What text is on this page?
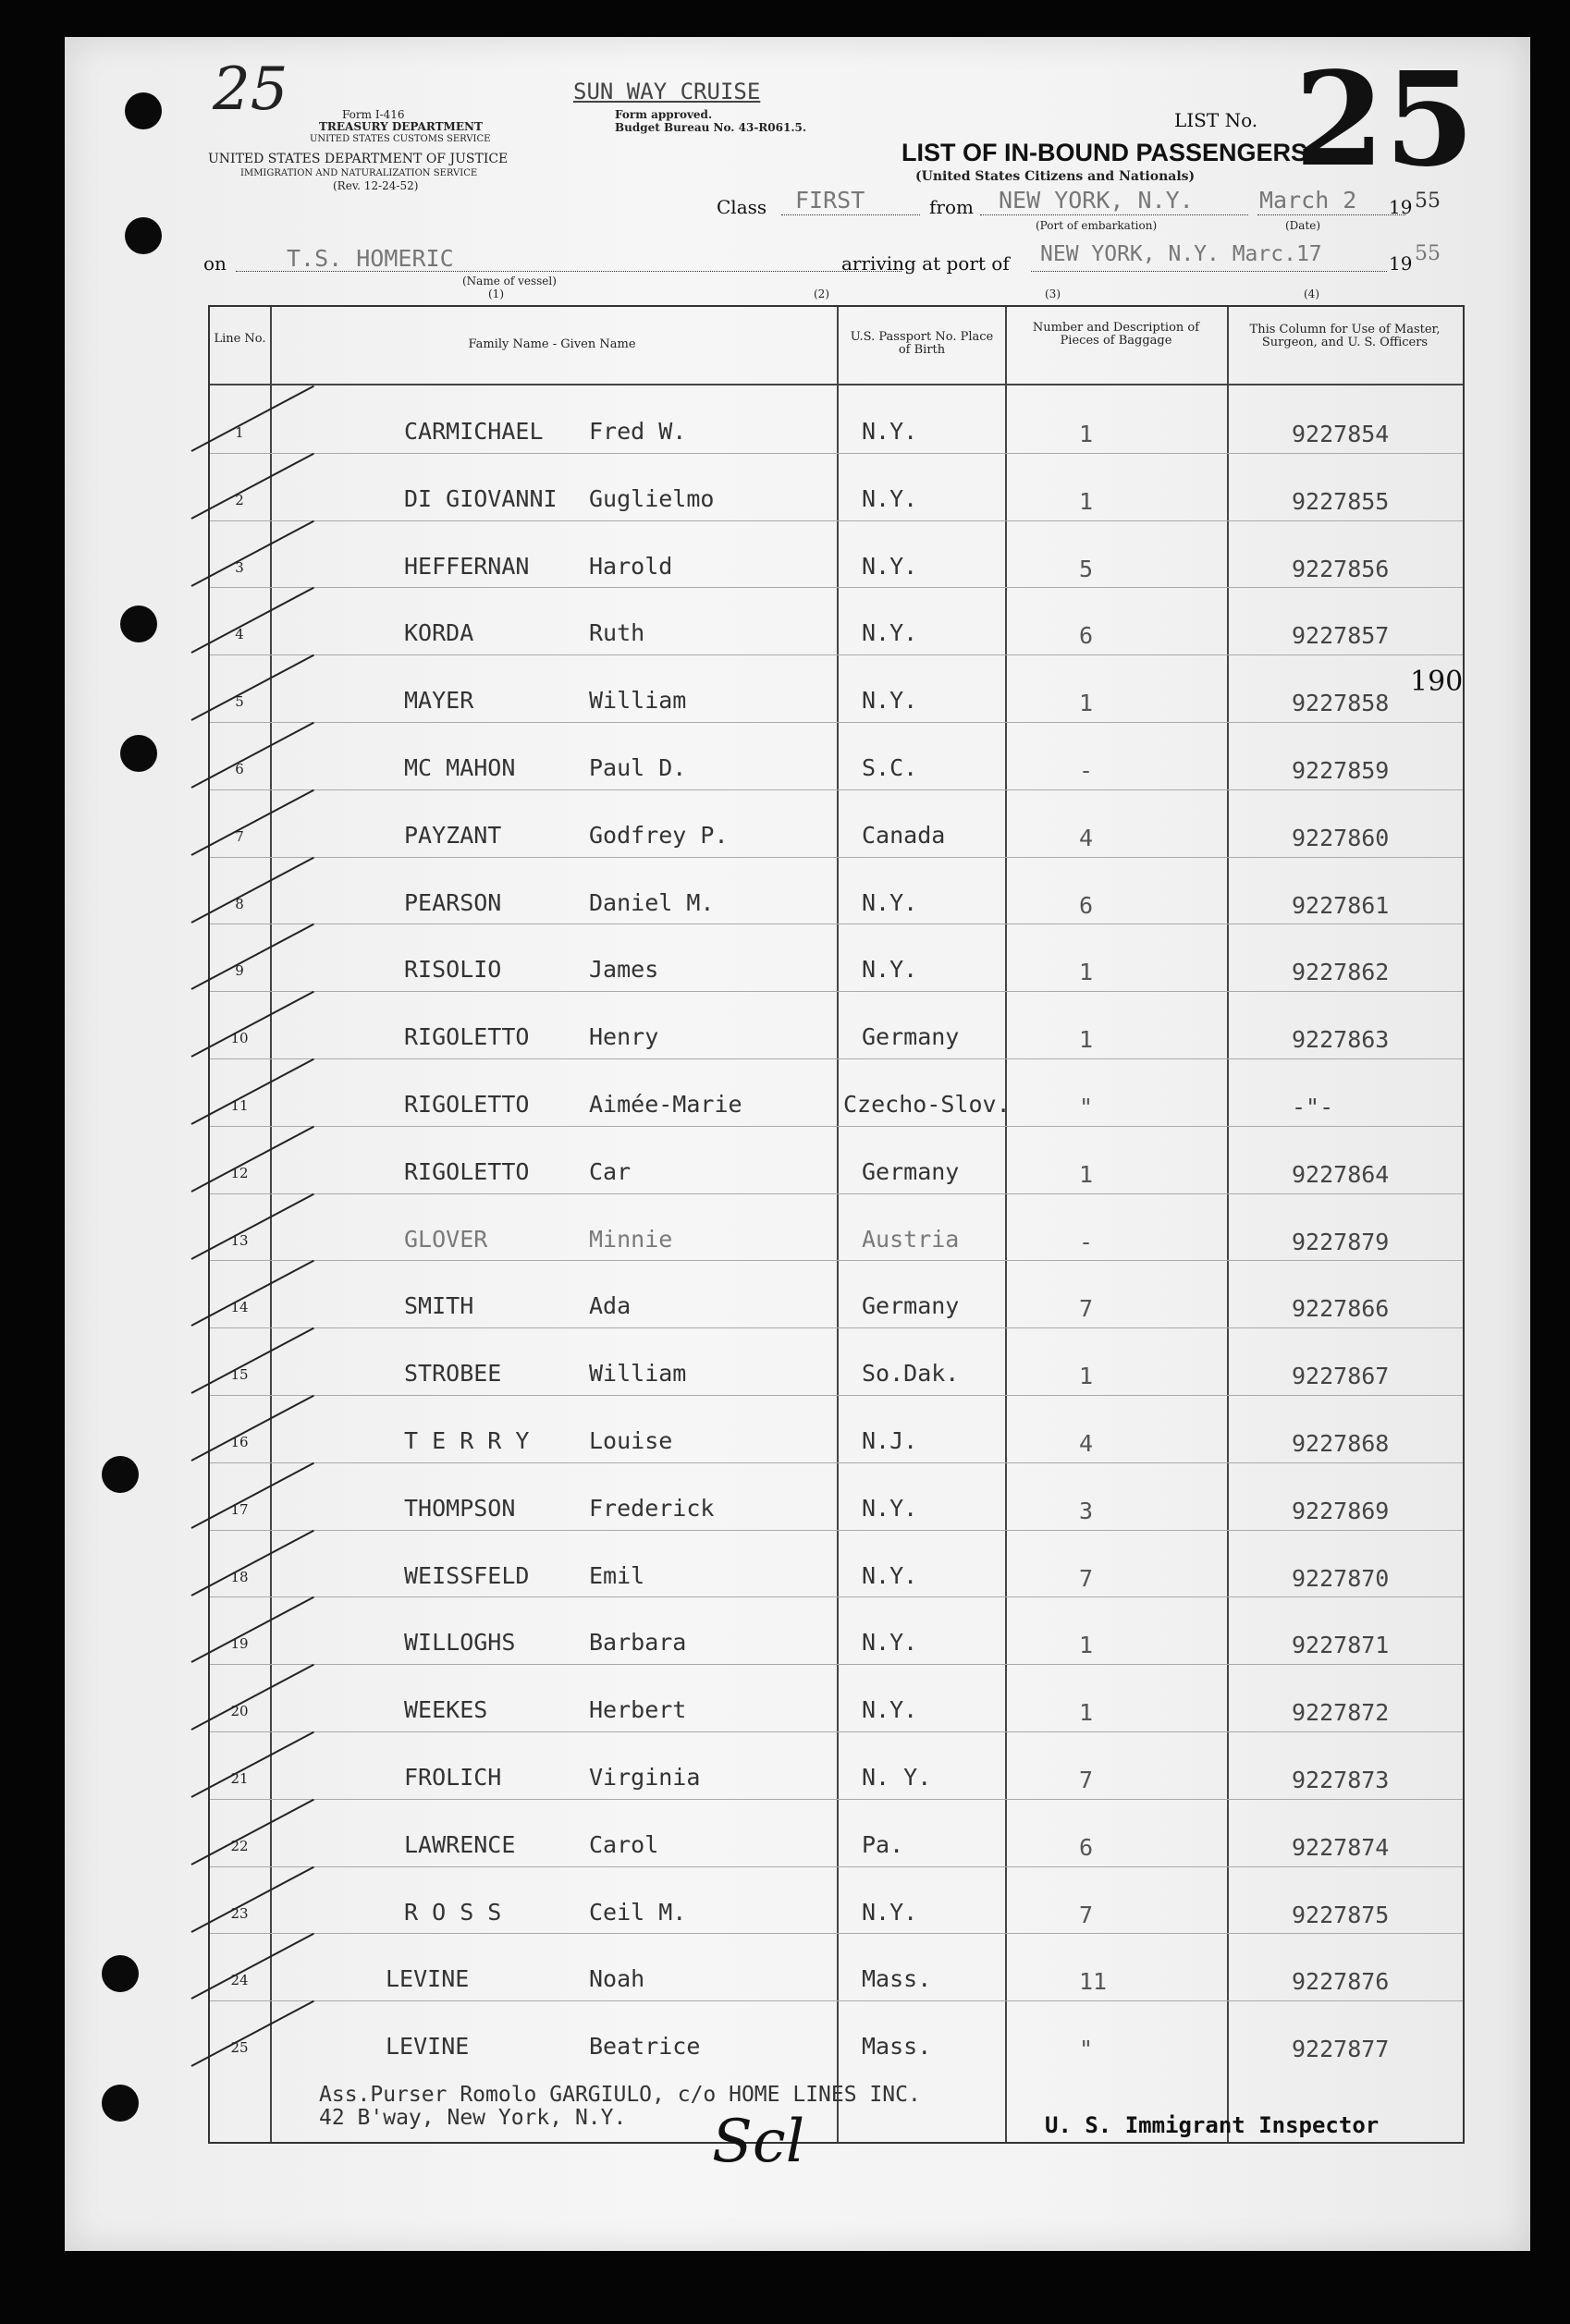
25	Form I-416
TREASURY DEPARTMENT
UNITED STATES CUSTOMS SERVICE
Form approved.
Budget Bureau No. 43-R061.5.
UNITED STATES DEPARTMENT OF JUSTICE
IMMIGRATION AND NATURALIZATION SERVICE
(Rev. 12-24-52)
SUN WAY CRUISE
LIST No. 25
LIST OF IN-BOUND PASSENGERS
(United States Citizens and Nationals)
Class FIRST	from NEW YORK, N.Y.
(Port of embarkation)
March 2
(Date)
19 55
on	T.S. HOMERIC
(Name of vessel)
(1)
arriving at port of NEW YORK, N.Y. Marc.17
(2)	(3)	(4)
19 55
190
Line No.	Family Name - Given Name
U.S. Passport No. Place of Birth
Number and Description of Pieces of Baggage
This Column for Use of Master, Surgeon, and U. S. Officers
1	CARMICHAEL Fred W.	N.Y.	1	9227854
2	DI GIOVANNI Guglielmo	N.Y.	1	9227855
3	HEFFERNAN	Harold	N.Y.	5	9227856
4	KORDA	Ruth	N.Y.	6	9227857
5	MAYER	William	N.Y.	1	9227858
6	MC MAHON	Paul D.	S.C.	-	9227859
7	PAYZANT	Godfrey P.	Canada	4	9227860
8	PEARSON	Daniel M.	N.Y.	6	9227861
9	RISOLIO	James	N.Y.	1	9227862
10	RIGOLETTO	Henry	Germany	1	9227863
11	RIGOLETTO	Aimée-Marie	Czecho-Slov.	"	-"-
12	RIGOLETTO	Car	Germany	1	9227864
13	GLOVER	Minnie	Austria	-	9227879
14	SMITH	Ada	Germany	7	9227866
15	STROBEE	William	So.Dak.	1	9227867
16	T E R R Y	Louise	N.J.	4	9227868
17	THOMPSON	Frederick	N.Y.	3	9227869
18	WEISSFELD	Emil	N.Y.	7	9227870
19	WILLOGHS	Barbara	N.Y.	1	9227871
20	WEEKES	Herbert	N.Y.	1	9227872
21	FROLICH	Virginia	N. Y.	7	9227873
22	LAWRENCE	Carol	Pa.	6	9227874
23	R O S S	Ceil M.	N.Y.	7	9227875
24	LEVINE	Noah	Mass.	11	9227876
25	LEVINE	Beatrice	Mass.	"	9227877
Ass.Purser Romolo GARGIULO, c/o HOME LINES INC.
42 B'way, New York, N.Y. Scl	U. S. Immigrant Inspector
